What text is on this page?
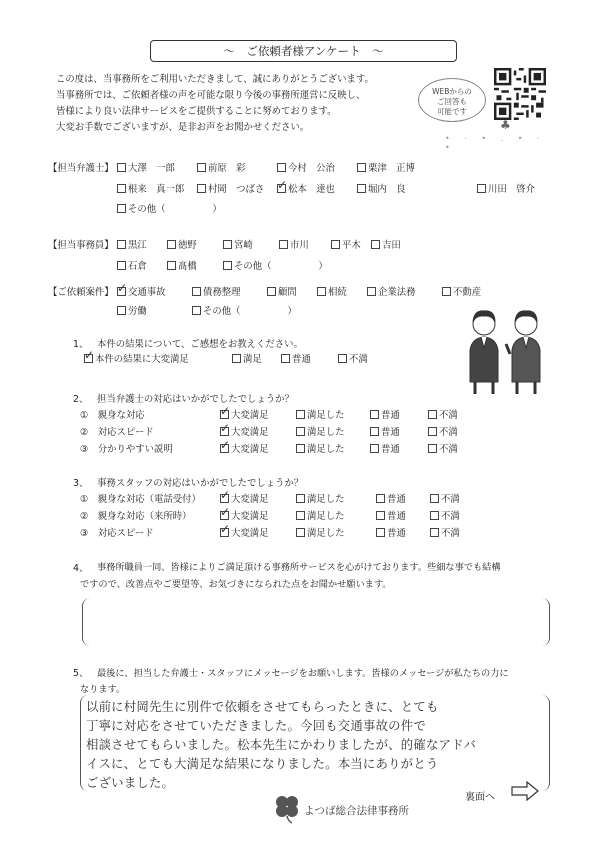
～　ご依頼者様アンケート　～
この度は、当事務所をご利用いただきまして、誠にありがとうございます。
当事務所では、ご依頼者様の声を可能な限り今後の事務所運営に反映し、
皆様により良い法律サービスをご提供することに努めております。
大変お手数でございますが、是非お声をお聞かせください。
WEBからの
ご回答も
可能です
♣
• · • . • · •
【担当弁護士】	大澤　一郎	前原　彩	今村　公治	栗津　正博
根来　真一郎	村岡　つばさ ✓	松本　達也	堀内　良	川田　啓介
その他（　　　　　）
【担当事務員】	黒江	徳野	宮崎	市川	平木	吉田
石倉	髙橋	その他（　　　　　）
【ご依頼案件】 ✓	交通事故	債務整理	顧問	相続	企業法務	不動産
労働	その他（　　　　　）
1、 本件の結果について、ご感想をお教えください。
✓本件の結果に大変満足	満足	普通	不満
2、 担当弁護士の対応はいかがでしたでしょうか？
①　親身な対応 ✓	大変満足	満足した	普通	不満
②　対応スピード ✓	大変満足	満足した	普通	不満
③　分かりやすい説明 ✓	大変満足	満足した	普通	不満
3、 事務スタッフの対応はいかがでしたでしょうか？
①　親身な対応（電話受付） ✓	大変満足	満足した	普通	不満
②　親身な対応（来所時） ✓	大変満足	満足した	普通	不満
③　対応スピード ✓	大変満足	満足した	普通	不満
4、 事務所職員一同、皆様によりご満足頂ける事務所サービスを心がけております。些細な事でも結構
ですので、改善点やご要望等、お気づきになられた点をお聞かせ願います。
5、 最後に、担当した弁護士・スタッフにメッセージをお願いします。皆様のメッセージが私たちの力に
なります。
以前に村岡先生に別件で依頼をさせてもらったときに、とても
丁寧に対応をさせていただきました。今回も交通事故の件で
相談させてもらいました。松本先生にかわりましたが、的確なアドバ
イスに、とても大満足な結果になりました。本当にありがとう
ございました。
裏面へ
よつば総合法律事務所
